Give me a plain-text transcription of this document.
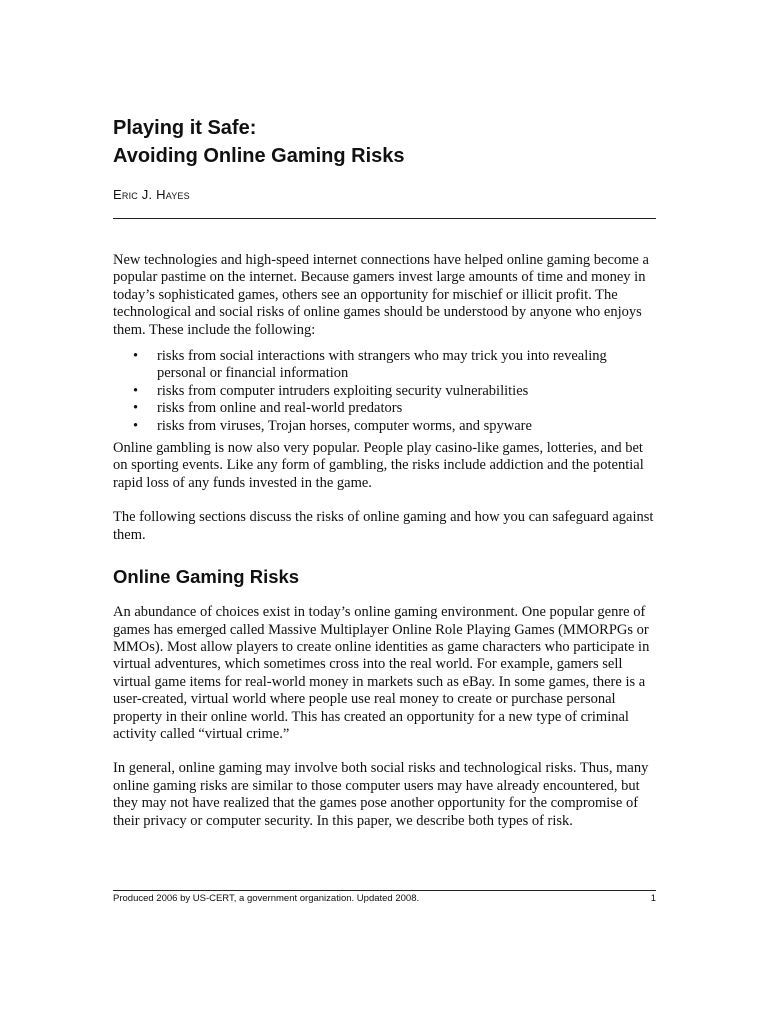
Playing it Safe:
Avoiding Online Gaming Risks
Eric J. Hayes

New technologies and high-speed internet connections have helped online gaming become a popular pastime on the internet. Because gamers invest large amounts of time and money in today’s sophisticated games, others see an opportunity for mischief or illicit profit. The technological and social risks of online games should be understood by anyone who enjoys them. These include the following:

• risks from social interactions with strangers who may trick you into revealing personal or financial information
• risks from computer intruders exploiting security vulnerabilities
• risks from online and real-world predators
• risks from viruses, Trojan horses, computer worms, and spyware

Online gambling is now also very popular. People play casino-like games, lotteries, and bet on sporting events. Like any form of gambling, the risks include addiction and the potential rapid loss of any funds invested in the game.

The following sections discuss the risks of online gaming and how you can safeguard against them.

Online Gaming Risks

An abundance of choices exist in today’s online gaming environment. One popular genre of games has emerged called Massive Multiplayer Online Role Playing Games (MMORPGs or MMOs). Most allow players to create online identities as game characters who participate in virtual adventures, which sometimes cross into the real world. For example, gamers sell virtual game items for real-world money in markets such as eBay. In some games, there is a user-created, virtual world where people use real money to create or purchase personal property in their online world. This has created an opportunity for a new type of criminal activity called “virtual crime.”

In general, online gaming may involve both social risks and technological risks. Thus, many online gaming risks are similar to those computer users may have already encountered, but they may not have realized that the games pose another opportunity for the compromise of their privacy or computer security. In this paper, we describe both types of risk.

Produced 2006 by US-CERT, a government organization. Updated 2008.	1
